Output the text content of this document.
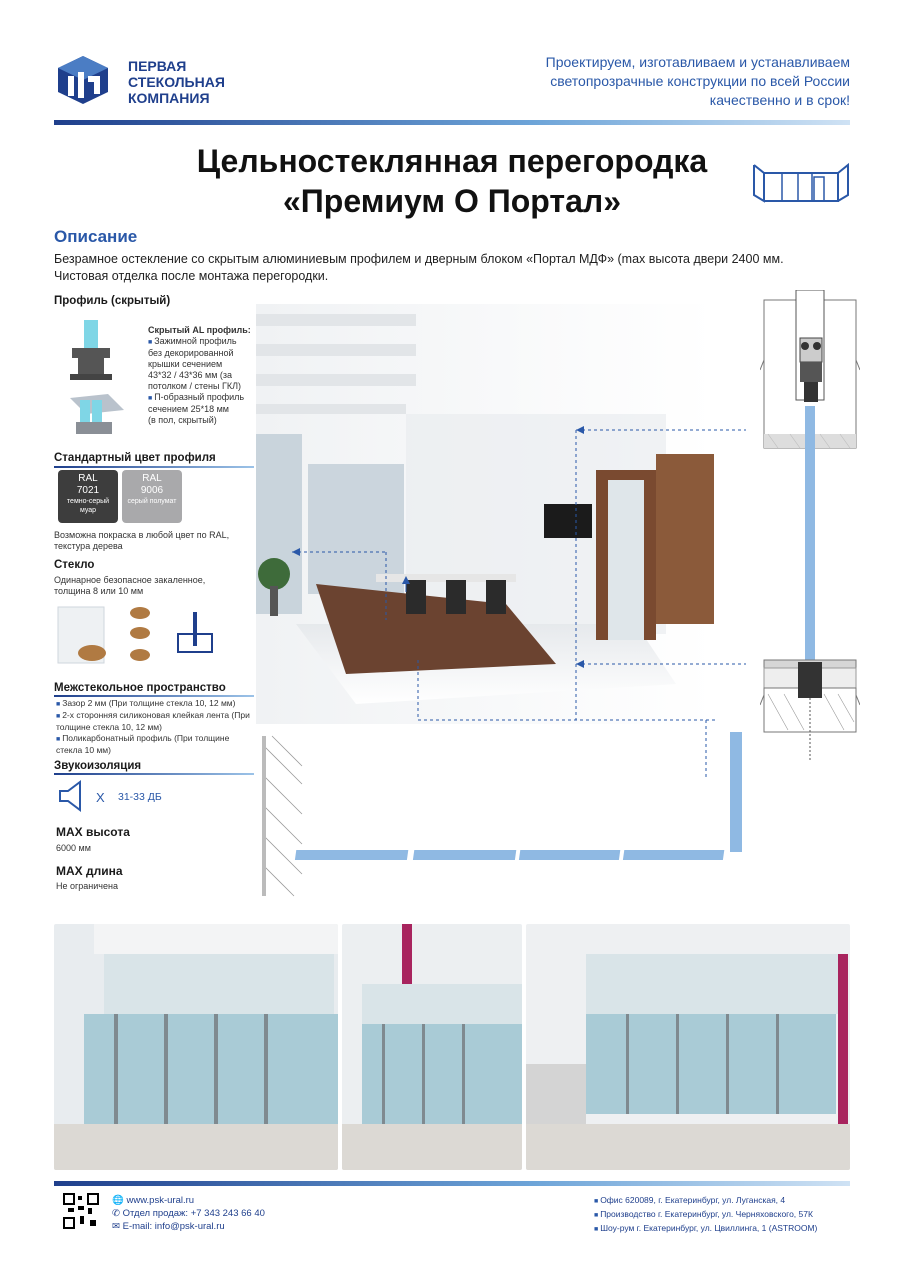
ПЕРВАЯ
СТЕКОЛЬНАЯ
КОМПАНИЯ
Проектируем, изготавливаем и устанавливаем
светопрозрачные конструкции по всей России
качественно и в срок!
Цельностеклянная перегородка
«Премиум О Портал»
Описание
Безрамное остекление со скрытым алюминиевым профилем и дверным блоком «Портал МДФ» (max высота двери 2400 мм.
Чистовая отделка после монтажа перегородки.
Профиль (скрытый)
Скрытый AL профиль:
■ Зажимной профиль
без декорированной
крышки сечением
43*32 / 43*36 мм (за
потолком / стены ГКЛ)
■ П-образный профиль
сечением 25*18 мм
(в пол, скрытый)
Стандартный цвет профиля
RAL
7021
темно-серый
муар
RAL
9006
серый полумат
Возможна покраска в любой цвет по RAL,
текстура дерева
Стекло
Одинарное безопасное закаленное,
толщина 8 или 10 мм
Межстекольное пространство
■ Зазор 2 мм (При толщине стекла 10, 12 мм)
■ 2-х сторонняя силиконовая клейкая лента (При
толщине стекла 10, 12 мм)
■ Поликарбонатный профиль (При толщине
стекла 10 мм)
Звукоизоляция
X 31-33 ДБ
MAX высота
6000 мм
MAX длина
Не ограничена
🌐 www.psk-ural.ru
✆ Отдел продаж: +7 343 243 66 40
✉ E-mail: info@psk-ural.ru
■ Офис 620089, г. Екатеринбург, ул. Луганская, 4
■ Производство г. Екатеринбург, ул. Черняховского, 57К
■ Шоу-рум г. Екатеринбург, ул. Цвиллинга, 1 (ASTROOM)
